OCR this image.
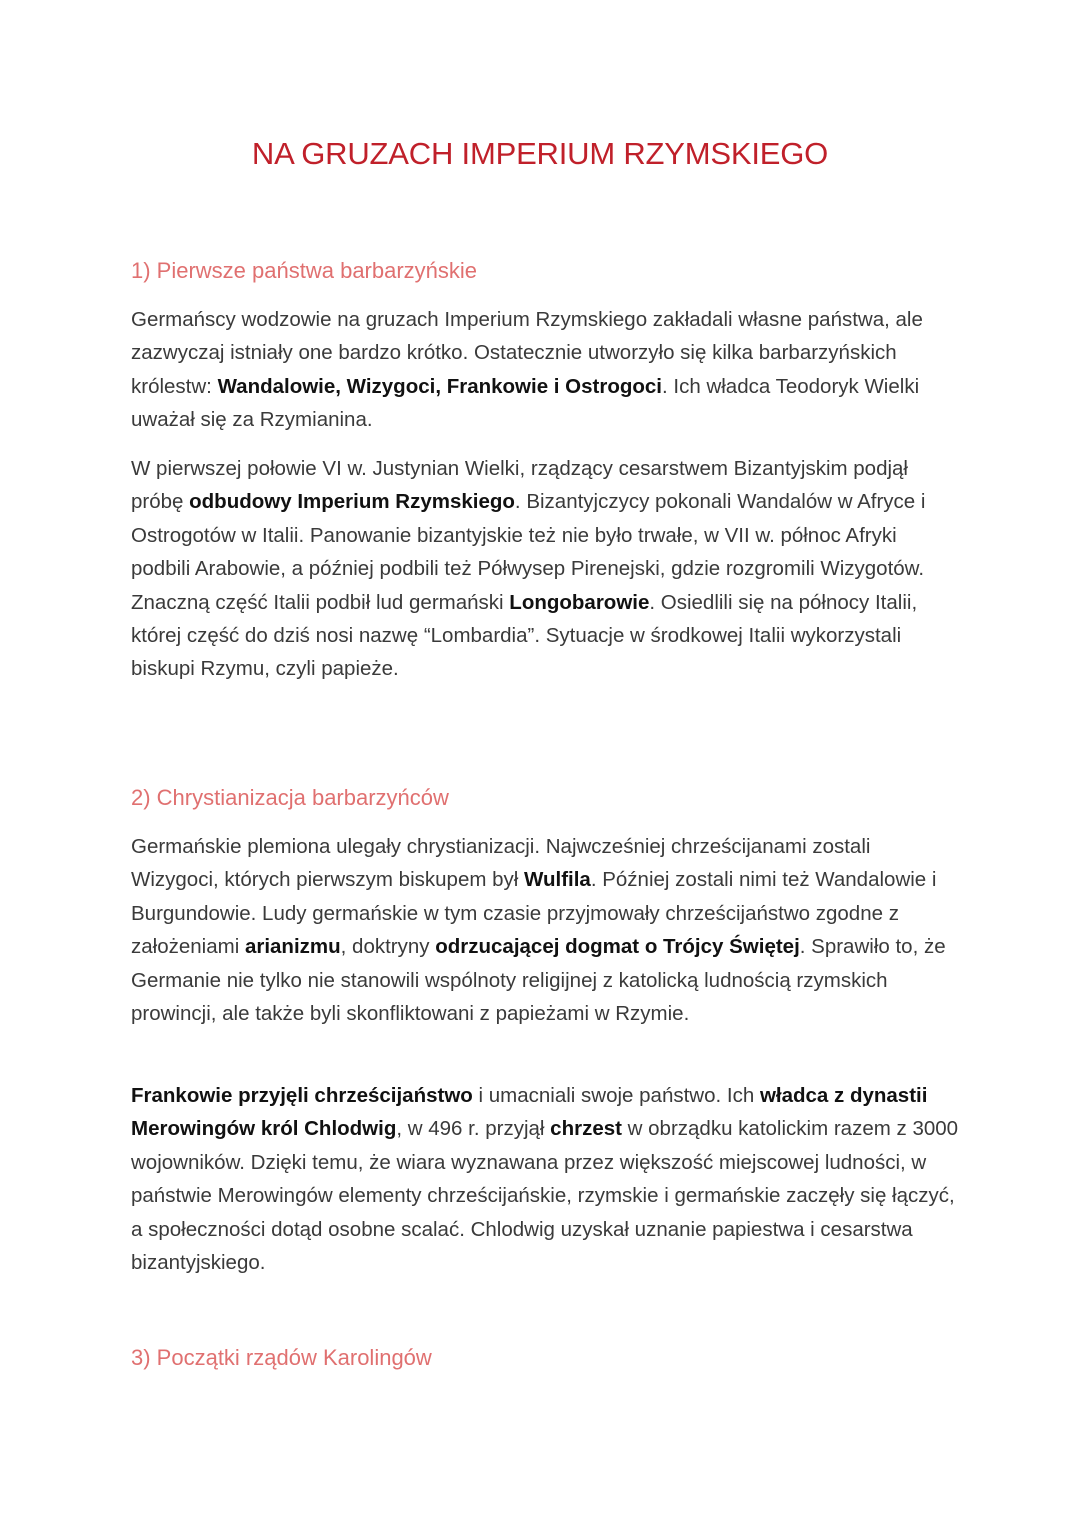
NA GRUZACH IMPERIUM RZYMSKIEGO
1) Pierwsze państwa barbarzyńskie

Germańscy wodzowie na gruzach Imperium Rzymskiego zakładali własne państwa, ale zazwyczaj istniały one bardzo krótko. Ostatecznie utworzyło się kilka barbarzyńskich królestw: Wandalowie, Wizygoci, Frankowie i Ostrogoci. Ich władca Teodoryk Wielki uważał się za Rzymianina.

W pierwszej połowie VI w. Justynian Wielki, rządzący cesarstwem Bizantyjskim podjął próbę odbudowy Imperium Rzymskiego. Bizantyjczycy pokonali Wandalów w Afryce i Ostrogotów w Italii. Panowanie bizantyjskie też nie było trwałe, w VII w. północ Afryki podbili Arabowie, a później podbili też Półwysep Pirenejski, gdzie rozgromili Wizygotów. Znaczną część Italii podbił lud germański Longobarowie. Osiedlili się na północy Italii, której część do dziś nosi nazwę “Lombardia”. Sytuacje w środkowej Italii wykorzystali biskupi Rzymu, czyli papieże.

2) Chrystianizacja barbarzyńców

Germańskie plemiona ulegały chrystianizacji. Najwcześniej chrześcijanami zostali Wizygoci, których pierwszym biskupem był Wulfila. Później zostali nimi też Wandalowie i Burgundowie. Ludy germańskie w tym czasie przyjmowały chrześcijaństwo zgodne z założeniami arianizmu, doktryny odrzucającej dogmat o Trójcy Świętej. Sprawiło to, że Germanie nie tylko nie stanowili wspólnoty religijnej z katolicką ludnością rzymskich prowincji, ale także byli skonfliktowani z papieżami w Rzymie.

Frankowie przyjęli chrześcijaństwo i umacniali swoje państwo. Ich władca z dynastii Merowingów król Chlodwig, w 496 r. przyjął chrzest w obrządku katolickim razem z 3000 wojowników. Dzięki temu, że wiara wyznawana przez większość miejscowej ludności, w państwie Merowingów elementy chrześcijańskie, rzymskie i germańskie zaczęły się łączyć, a społeczności dotąd osobne scalać. Chlodwig uzyskał uznanie papiestwa i cesarstwa bizantyjskiego.

3) Początki rządów Karolingów
